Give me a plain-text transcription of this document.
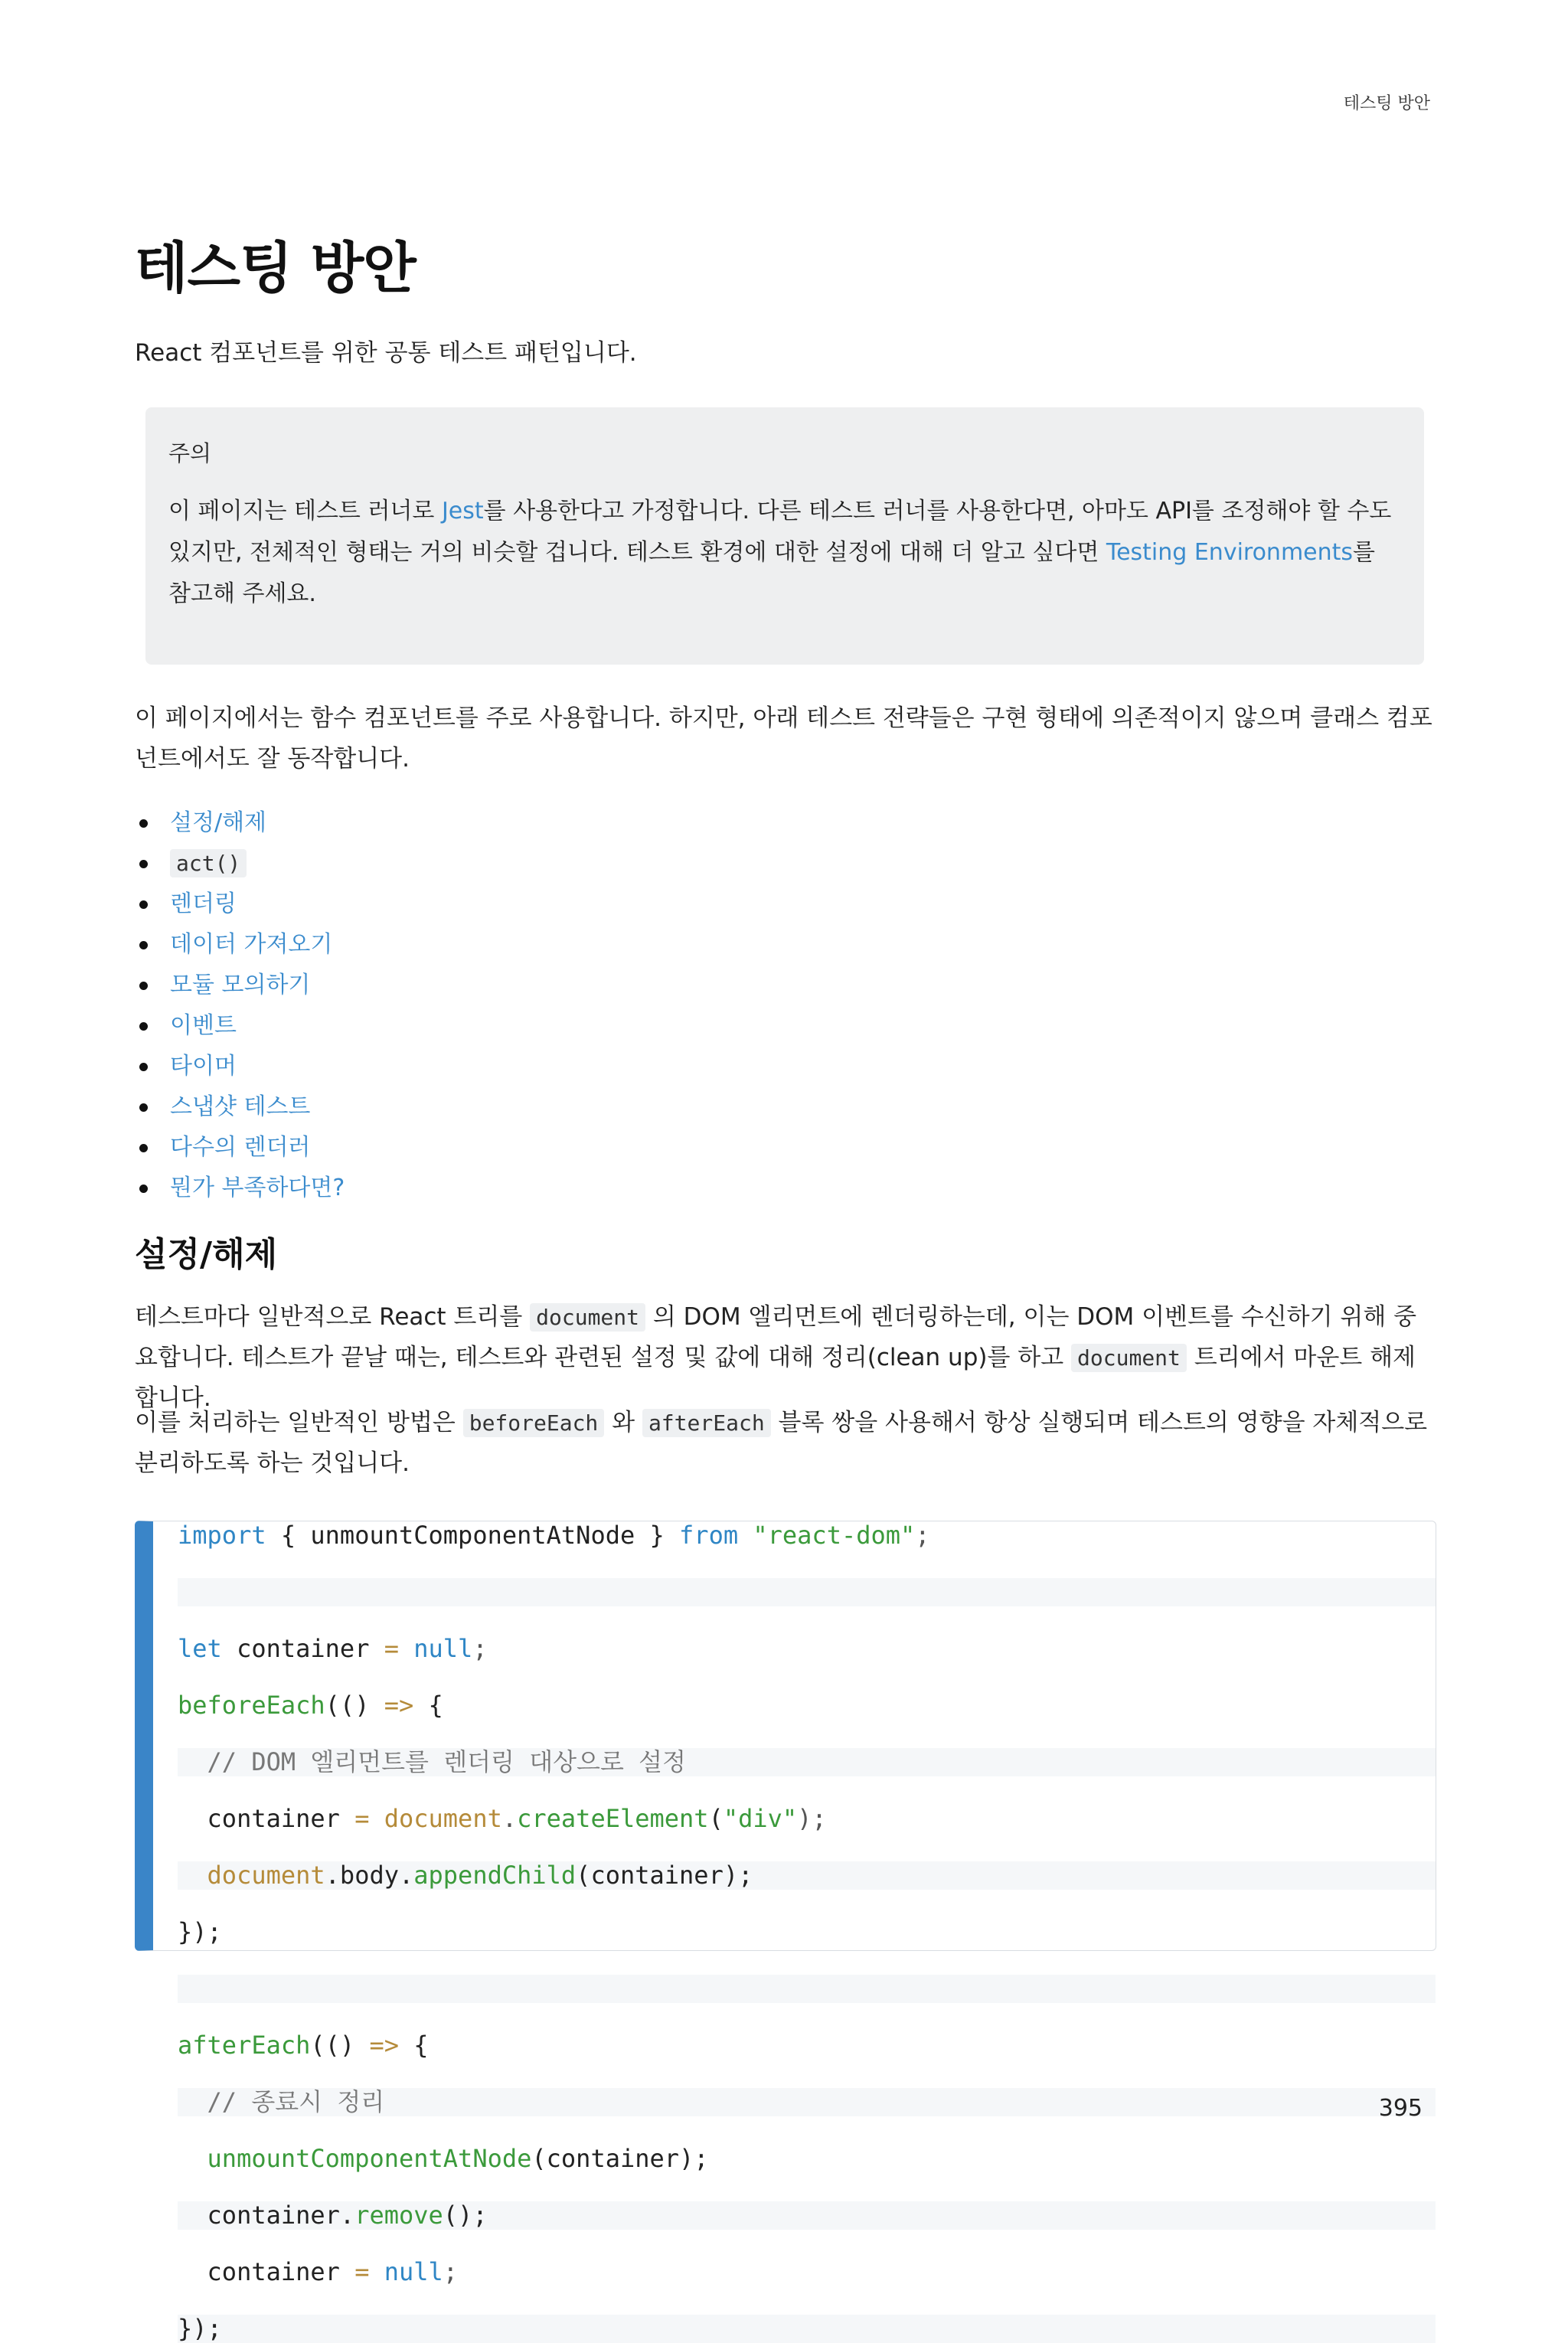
테스팅 방안
테스팅 방안

React 컴포넌트를 위한 공통 테스트 패턴입니다.

주의

이 페이지는 테스트 러너로 Jest를 사용한다고 가정합니다. 다른 테스트 러너를 사용한다면, 아마도 API를 조정해야 할 수도 있지만, 전체적인 형태는 거의 비슷할 겁니다. 테스트 환경에 대한 설정에 대해 더 알고 싶다면 Testing Environments를 참고해 주세요.

이 페이지에서는 함수 컴포넌트를 주로 사용합니다. 하지만, 아래 테스트 전략들은 구현 형태에 의존적이지 않으며 클래스 컴포넌트에서도 잘 동작합니다.

설정/해제
act()
렌더링
데이터 가져오기
모듈 모의하기
이벤트
타이머
스냅샷 테스트
다수의 렌더러
뭔가 부족하다면?
설정/해제

테스트마다 일반적으로 React 트리를 document 의 DOM 엘리먼트에 렌더링하는데, 이는 DOM 이벤트를 수신하기 위해 중요합니다. 테스트가 끝날 때는, 테스트와 관련된 설정 및 값에 대해 정리(clean up)를 하고 document 트리에서 마운트 해제합니다.

이를 처리하는 일반적인 방법은 beforeEach 와 afterEach 블록 쌍을 사용해서 항상 실행되며 테스트의 영향을 자체적으로 분리하도록 하는 것입니다.

import { unmountComponentAtNode } from "react-dom";

let container = null;

beforeEach(() => {

// DOM 엘리먼트를 렌더링 대상으로 설정

container = document.createElement("div");

document.body.appendChild(container);

});

afterEach(() => {

// 종료시 정리

unmountComponentAtNode(container);

container.remove();

container = null;

});
395
